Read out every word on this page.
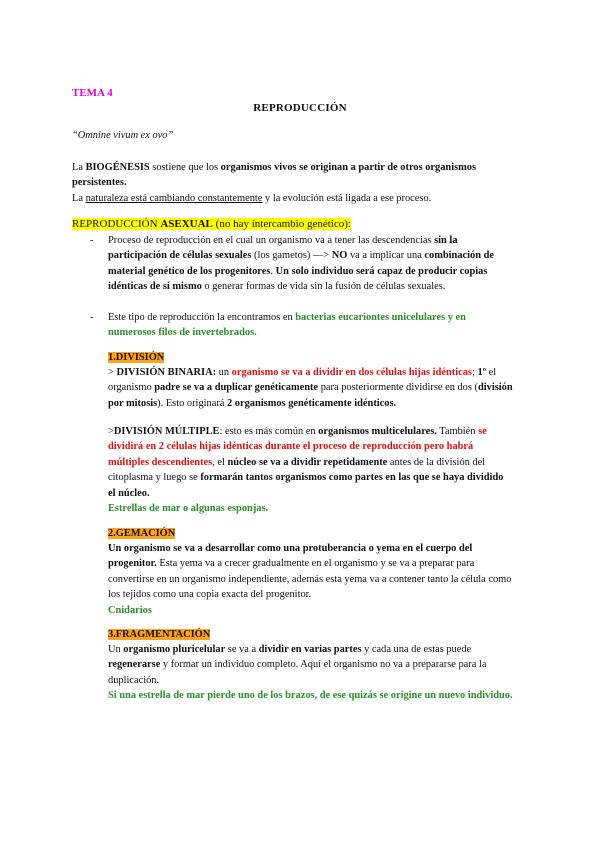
TEMA 4
REPRODUCCIÓN
“Omnine vivum ex ovo”
La BIOGÉNESIS sostiene que los organismos vivos se originan a partir de otros organismos persistentes.
La naturaleza está cambiando constantemente y la evolución está ligada a ese proceso.
REPRODUCCIÓN ASEXUAL (no hay intercambio genético):
- Proceso de reproducción en el cual un organismo va a tener las descendencias sin la participación de células sexuales (los gametos) —> NO va a implicar una combinación de material genético de los progenitores. Un solo individuo será capaz de producir copias idénticas de sí mismo o generar formas de vida sin la fusión de células sexuales.
- Este tipo de reproducción la encontramos en bacterias eucariontes unicelulares y en numerosos filos de invertebrados.
1.DIVISIÓN
> DIVISIÓN BINARIA: un organismo se va a dividir en dos células hijas idénticas; 1º el organismo padre se va a duplicar genéticamente para posteriormente dividirse en dos (división por mitosis). Esto originará 2 organismos genéticamente idénticos.
>DIVISIÓN MÚLTIPLE: esto es más común en organismos multicelulares. También se dividirá en 2 células hijas idénticas durante el proceso de reproducción pero habrá múltiples descendientes, el núcleo se va a dividir repetidamente antes de la división del citoplasma y luego se formarán tantos organismos como partes en las que se haya dividido el núcleo.
Estrellas de mar o algunas esponjas.
2.GEMACIÓN
Un organismo se va a desarrollar como una protuberancia o yema en el cuerpo del progenitor. Esta yema va a crecer gradualmente en el organismo y se va a preparar para convertirse en un organismo independiente, además esta yema va a contener tanto la célula como los tejidos como una copia exacta del progenitor.
Cnidarios
3.FRAGMENTACIÓN
Un organismo pluricelular se va a dividir en varias partes y cada una de estas puede regenerarse y formar un individuo completo. Aquí el organismo no va a prepararse para la duplicación.
Si una estrella de mar pierde uno de los brazos, de ese quizás se origine un nuevo individuo.
